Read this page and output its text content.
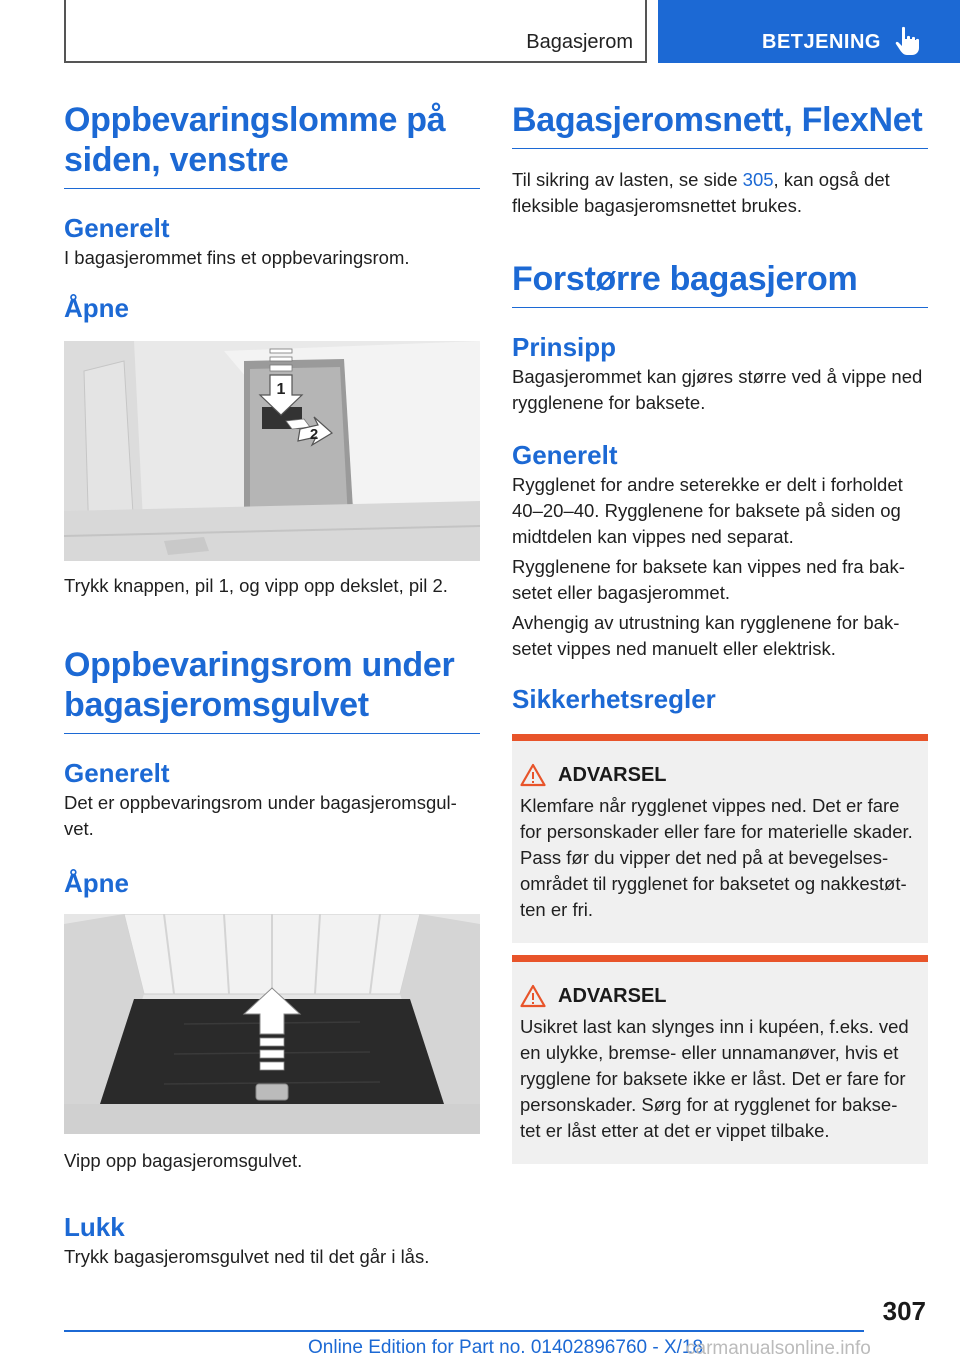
Bagasjerom	BETJENING
Oppbevaringslomme på siden, venstre
Generelt

I bagasjerommet fins et oppbevaringsrom.

Åpne
1
2

Trykk knappen, pil 1, og vipp opp dekslet, pil 2.

Oppbevaringsrom under bagasjeromsgulvet
Generelt

Det er oppbevaringsrom under bagasjeromsgul- vet.

Åpne

Vipp opp bagasjeromsgulvet.

Lukk

Trykk bagasjeromsgulvet ned til det går i lås.

Bagasjeromsnett, FlexNet

Til sikring av lasten, se side 305, kan også det fleksible bagasjeromsnettet brukes.

Forstørre bagasjerom
Prinsipp

Bagasjerommet kan gjøres større ved å vippe ned rygglenene for baksete.

Generelt

Rygglenet for andre seterekke er delt i forholdet 40–20–40. Rygglenene for baksete på siden og midtdelen kan vippes ned separat.

Rygglenene for baksete kan vippes ned fra bak- setet eller bagasjerommet.

Avhengig av utrustning kan rygglenene for bak- setet vippes ned manuelt eller elektrisk.

Sikkerhetsregler
ADVARSEL

Klemfare når rygglenet vippes ned. Det er fare for personskader eller fare for materielle skader. Pass før du vipper det ned på at bevegelses- området til rygglenet for baksetet og nakkestøt- ten er fri.

ADVARSEL

Usikret last kan slynges inn i kupéen, f.eks. ved en ulykke, bremse- eller unnamanøver, hvis et rygglene for baksete ikke er låst. Det er fare for personskader. Sørg for at rygglenet for bakse- tet er låst etter at det er vippet tilbake.

307
Online Edition for Part no. 01402896760 - X/18
carmanualsonline.info
